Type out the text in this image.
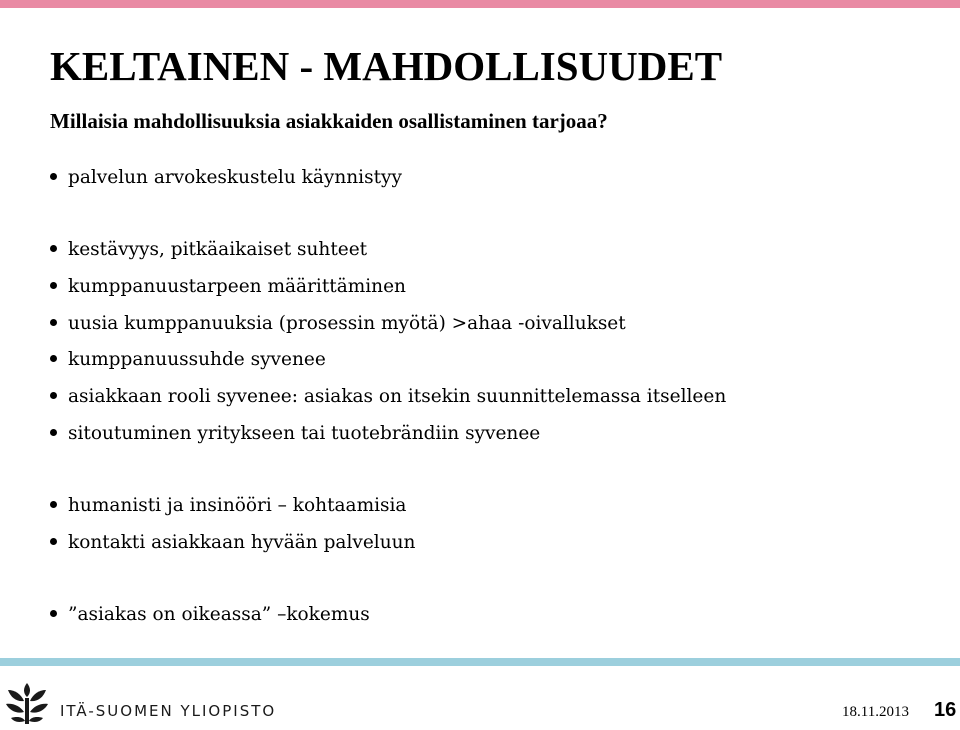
KELTAINEN - MAHDOLLISUUDET

Millaisia mahdollisuuksia asiakkaiden osallistaminen tarjoaa?

palvelun arvokeskustelu käynnistyy
kestävyys, pitkäaikaiset suhteet
kumppanuustarpeen määrittäminen
uusia kumppanuuksia (prosessin myötä) >ahaa -oivallukset
kumppanuussuhde syvenee
asiakkaan rooli syvenee: asiakas on itsekin suunnittelemassa itselleen
sitoutuminen yritykseen tai tuotebrändiin syvenee
humanisti ja insinööri – kohtaamisia
kontakti asiakkaan hyvään palveluun
”asiakas on oikeassa” –kokemus

ITÄ-SUOMEN YLIOPISTO	18.11.2013 16
